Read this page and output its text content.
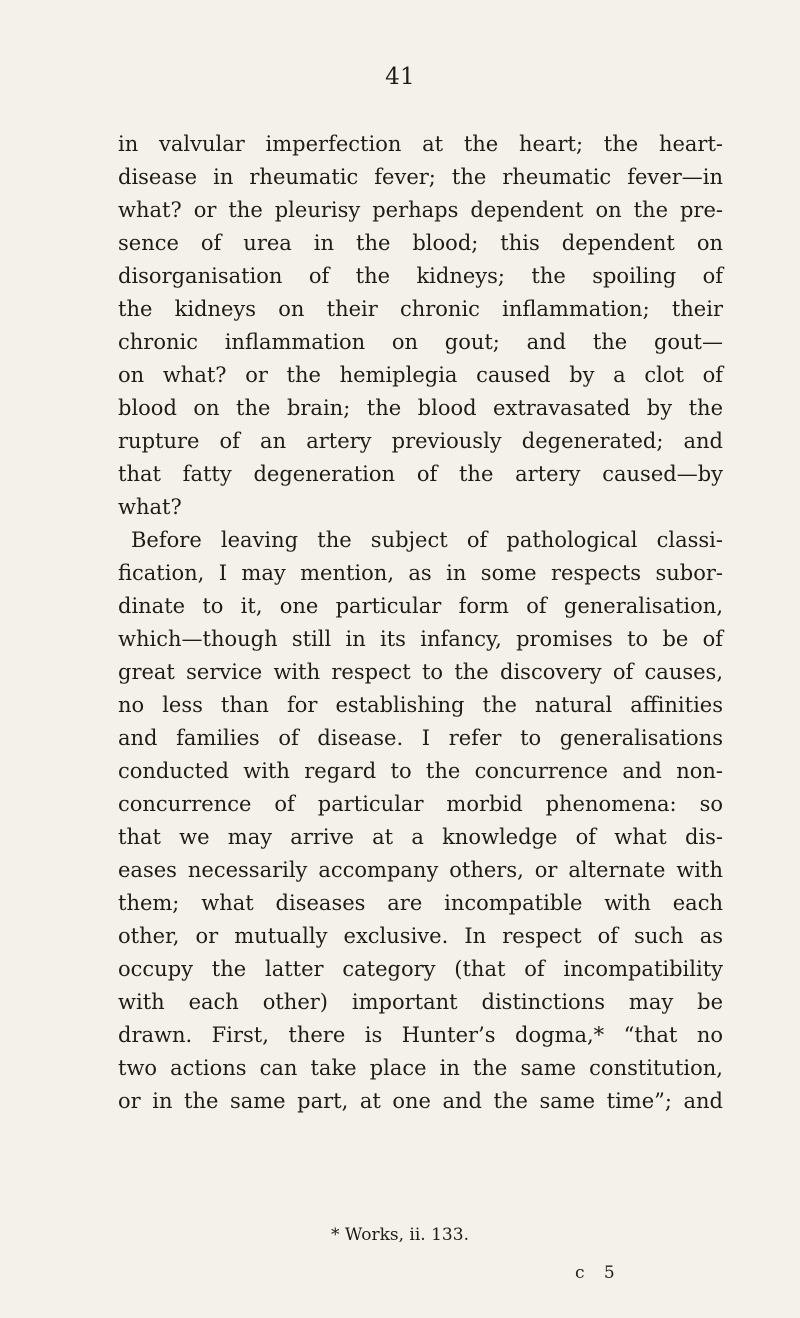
41
in valvular imperfection at the heart; the heart-
disease in rheumatic fever; the rheumatic fever—in
what? or the pleurisy perhaps dependent on the pre-
sence of urea in the blood; this dependent on
disorganisation of the kidneys; the spoiling of
the kidneys on their chronic inflammation; their
chronic inflammation on gout; and the gout—
on what? or the hemiplegia caused by a clot of
blood on the brain; the blood extravasated by the
rupture of an artery previously degenerated; and
that fatty degeneration of the artery caused—by
what?
Before leaving the subject of pathological classi-
fication, I may mention, as in some respects subor-
dinate to it, one particular form of generalisation,
which—though still in its infancy, promises to be of
great service with respect to the discovery of causes,
no less than for establishing the natural affinities
and families of disease. I refer to generalisations
conducted with regard to the concurrence and non-
concurrence of particular morbid phenomena: so
that we may arrive at a knowledge of what dis-
eases necessarily accompany others, or alternate with
them; what diseases are incompatible with each
other, or mutually exclusive. In respect of such as
occupy the latter category (that of incompatibility
with each other) important distinctions may be
drawn. First, there is Hunter’s dogma,* “that no
two actions can take place in the same constitution,
or in the same part, at one and the same time”; and
* Works, ii. 133.
c 5
